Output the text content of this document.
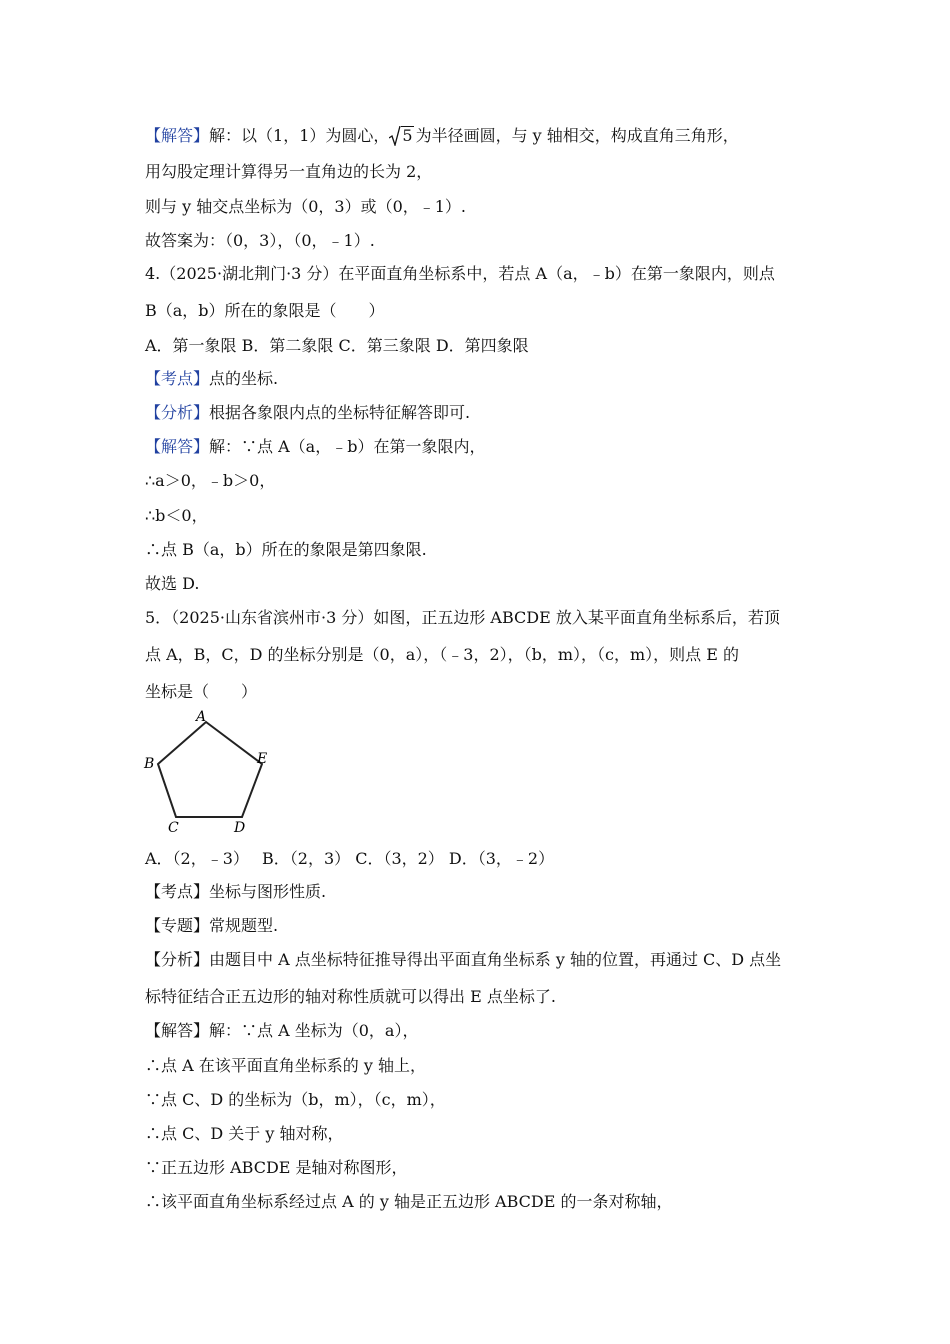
【解答】解：以（1，1）为圆心， 5 为半径画圆，与 y 轴相交，构成直角三角形，
用勾股定理计算得另一直角边的长为 2，
则与 y 轴交点坐标为（0，3）或（0，﹣1）.
故答案为：（0，3），（0，﹣1）.
4.（2025·湖北荆门·3 分）在平面直角坐标系中，若点 A（a，﹣b）在第一象限内，则点
B（a，b）所在的象限是（　　）
A．第一象限 B．第二象限 C．第三象限 D．第四象限
【考点】点的坐标.
【分析】根据各象限内点的坐标特征解答即可.
【解答】解：∵点 A（a，﹣b）在第一象限内，
∴a＞0，﹣b＞0，
∴b＜0，
∴点 B（a，b）所在的象限是第四象限.
故选 D.
5．（2025·山东省滨州市·3 分）如图，正五边形 ABCDE 放入某平面直角坐标系后，若顶
点 A，B，C，D 的坐标分别是（0，a），（﹣3，2），（b，m），（c，m），则点 E 的
坐标是（　　）
A
B
C	D
E
A．（2，﹣3）　 B．（2，3） C．（3，2） D．（3，﹣2）
【考点】坐标与图形性质.
【专题】常规题型.
【分析】由题目中 A 点坐标特征推导得出平面直角坐标系 y 轴的位置，再通过 C、D 点坐
标特征结合正五边形的轴对称性质就可以得出 E 点坐标了.
【解答】解：∵点 A 坐标为（0，a），
∴点 A 在该平面直角坐标系的 y 轴上，
∵点 C、D 的坐标为（b，m），（c，m），
∴点 C、D 关于 y 轴对称，
∵正五边形 ABCDE 是轴对称图形，
∴该平面直角坐标系经过点 A 的 y 轴是正五边形 ABCDE 的一条对称轴，
